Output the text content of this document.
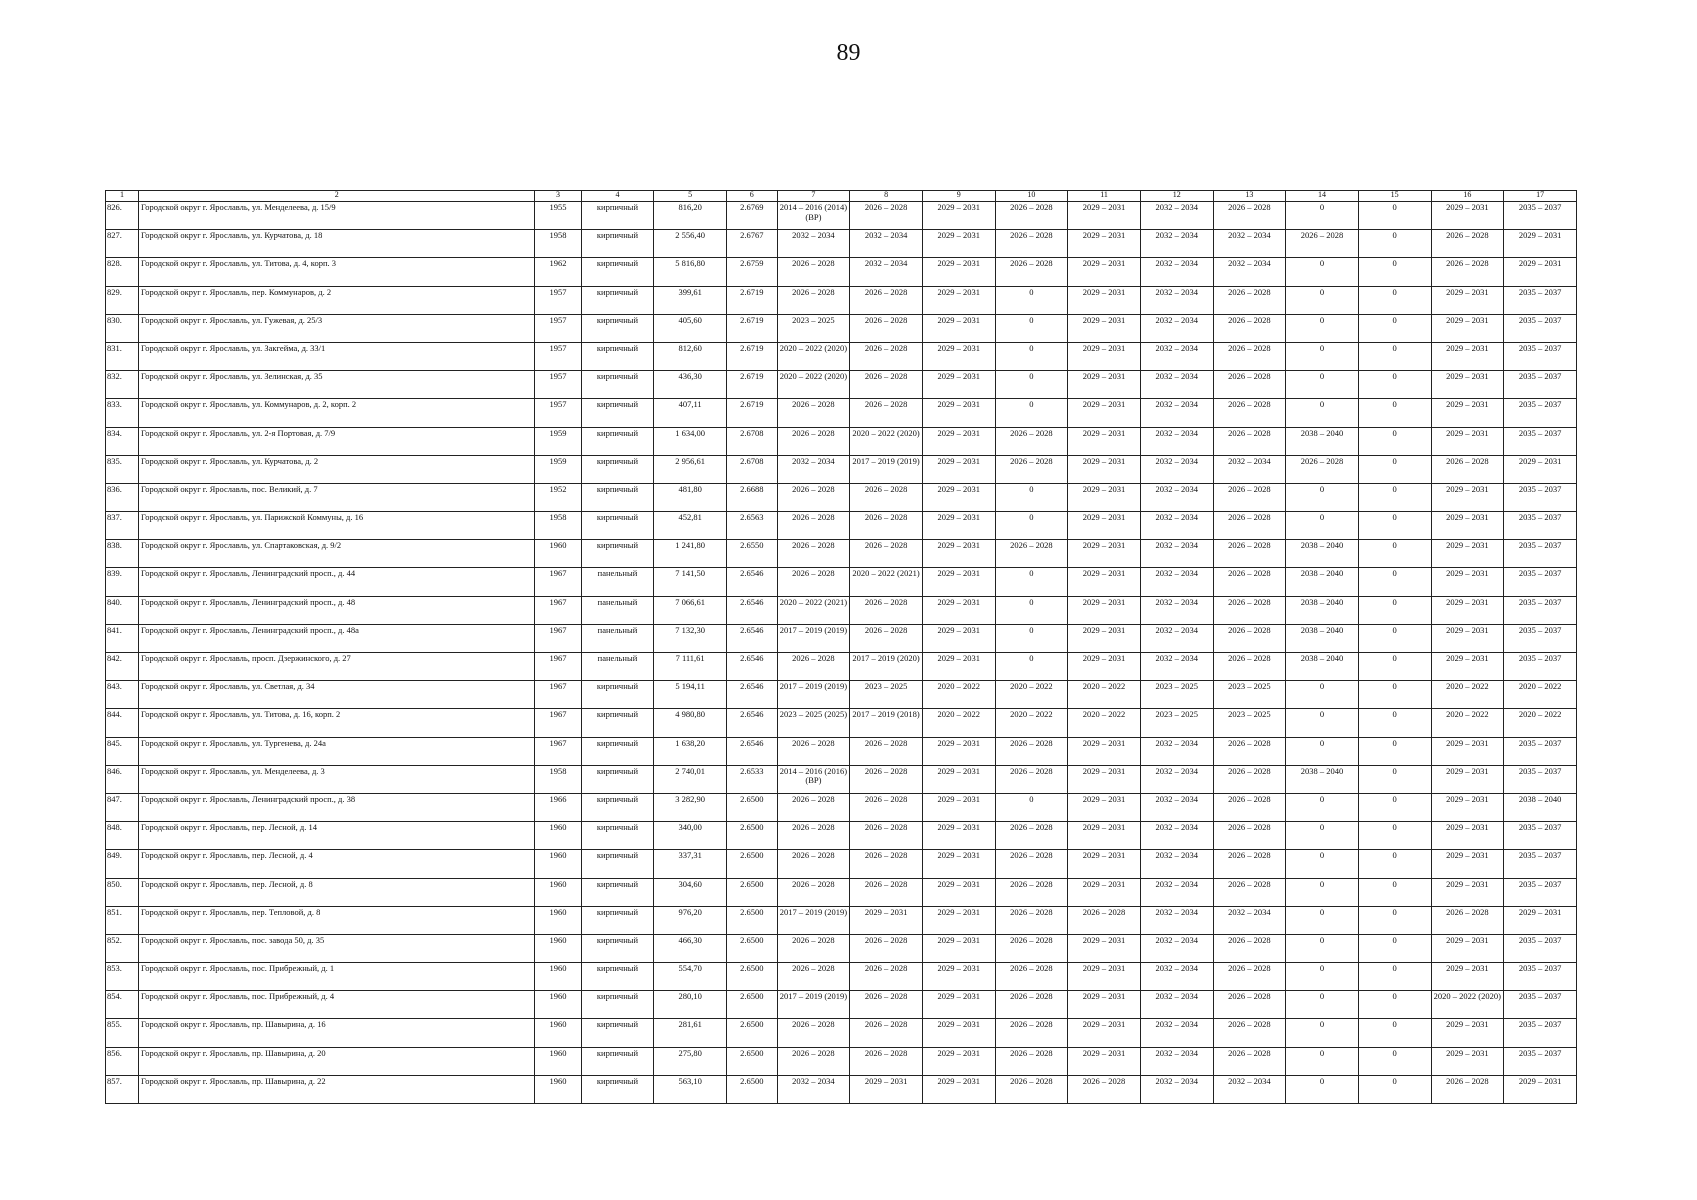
89
1	2	3	4	5	6	7	8	9	10	11	12	13	14	15	16	17
826.	Городской округ г. Ярославль, ул. Менделеева, д. 15/9	1955	кирпичный	816,20	2.6769	2014 – 2016 (2014) (ВР)	2026 – 2028	2029 – 2031	2026 – 2028	2029 – 2031	2032 – 2034	2026 – 2028	0	0	2029 – 2031	2035 – 2037
827.	Городской округ г. Ярославль, ул. Курчатова, д. 18	1958	кирпичный	2 556,40	2.6767	2032 – 2034	2032 – 2034	2029 – 2031	2026 – 2028	2029 – 2031	2032 – 2034	2032 – 2034	2026 – 2028	0	2026 – 2028	2029 – 2031
828.	Городской округ г. Ярославль, ул. Титова, д. 4, корп. 3	1962	кирпичный	5 816,80	2.6759	2026 – 2028	2032 – 2034	2029 – 2031	2026 – 2028	2029 – 2031	2032 – 2034	2032 – 2034	0	0	2026 – 2028	2029 – 2031
829.	Городской округ г. Ярославль, пер. Коммунаров, д. 2	1957	кирпичный	399,61	2.6719	2026 – 2028	2026 – 2028	2029 – 2031	0	2029 – 2031	2032 – 2034	2026 – 2028	0	0	2029 – 2031	2035 – 2037
830.	Городской округ г. Ярославль, ул. Гужевая, д. 25/3	1957	кирпичный	405,60	2.6719	2023 – 2025	2026 – 2028	2029 – 2031	0	2029 – 2031	2032 – 2034	2026 – 2028	0	0	2029 – 2031	2035 – 2037
831.	Городской округ г. Ярославль, ул. Закгейма, д. 33/1	1957	кирпичный	812,60	2.6719	2020 – 2022 (2020)	2026 – 2028	2029 – 2031	0	2029 – 2031	2032 – 2034	2026 – 2028	0	0	2029 – 2031	2035 – 2037
832.	Городской округ г. Ярославль, ул. Зелинская, д. 35	1957	кирпичный	436,30	2.6719	2020 – 2022 (2020)	2026 – 2028	2029 – 2031	0	2029 – 2031	2032 – 2034	2026 – 2028	0	0	2029 – 2031	2035 – 2037
833.	Городской округ г. Ярославль, ул. Коммунаров, д. 2, корп. 2	1957	кирпичный	407,11	2.6719	2026 – 2028	2026 – 2028	2029 – 2031	0	2029 – 2031	2032 – 2034	2026 – 2028	0	0	2029 – 2031	2035 – 2037
834.	Городской округ г. Ярославль, ул. 2-я Портовая, д. 7/9	1959	кирпичный	1 634,00	2.6708	2026 – 2028	2020 – 2022 (2020)	2029 – 2031	2026 – 2028	2029 – 2031	2032 – 2034	2026 – 2028	2038 – 2040	0	2029 – 2031	2035 – 2037
835.	Городской округ г. Ярославль, ул. Курчатова, д. 2	1959	кирпичный	2 956,61	2.6708	2032 – 2034	2017 – 2019 (2019)	2029 – 2031	2026 – 2028	2029 – 2031	2032 – 2034	2032 – 2034	2026 – 2028	0	2026 – 2028	2029 – 2031
836.	Городской округ г. Ярославль, пос. Великий, д. 7	1952	кирпичный	481,80	2.6688	2026 – 2028	2026 – 2028	2029 – 2031	0	2029 – 2031	2032 – 2034	2026 – 2028	0	0	2029 – 2031	2035 – 2037
837.	Городской округ г. Ярославль, ул. Парижской Коммуны, д. 16	1958	кирпичный	452,81	2.6563	2026 – 2028	2026 – 2028	2029 – 2031	0	2029 – 2031	2032 – 2034	2026 – 2028	0	0	2029 – 2031	2035 – 2037
838.	Городской округ г. Ярославль, ул. Спартаковская, д. 9/2	1960	кирпичный	1 241,80	2.6550	2026 – 2028	2026 – 2028	2029 – 2031	2026 – 2028	2029 – 2031	2032 – 2034	2026 – 2028	2038 – 2040	0	2029 – 2031	2035 – 2037
839.	Городской округ г. Ярославль, Ленинградский просп., д. 44	1967	панельный	7 141,50	2.6546	2026 – 2028	2020 – 2022 (2021)	2029 – 2031	0	2029 – 2031	2032 – 2034	2026 – 2028	2038 – 2040	0	2029 – 2031	2035 – 2037
840.	Городской округ г. Ярославль, Ленинградский просп., д. 48	1967	панельный	7 066,61	2.6546	2020 – 2022 (2021)	2026 – 2028	2029 – 2031	0	2029 – 2031	2032 – 2034	2026 – 2028	2038 – 2040	0	2029 – 2031	2035 – 2037
841.	Городской округ г. Ярославль, Ленинградский просп., д. 48а	1967	панельный	7 132,30	2.6546	2017 – 2019 (2019)	2026 – 2028	2029 – 2031	0	2029 – 2031	2032 – 2034	2026 – 2028	2038 – 2040	0	2029 – 2031	2035 – 2037
842.	Городской округ г. Ярославль, просп. Дзержинского, д. 27	1967	панельный	7 111,61	2.6546	2026 – 2028	2017 – 2019 (2020)	2029 – 2031	0	2029 – 2031	2032 – 2034	2026 – 2028	2038 – 2040	0	2029 – 2031	2035 – 2037
843.	Городской округ г. Ярославль, ул. Светлая, д. 34	1967	кирпичный	5 194,11	2.6546	2017 – 2019 (2019)	2023 – 2025	2020 – 2022	2020 – 2022	2020 – 2022	2023 – 2025	2023 – 2025	0	0	2020 – 2022	2020 – 2022
844.	Городской округ г. Ярославль, ул. Титова, д. 16, корп. 2	1967	кирпичный	4 980,80	2.6546	2023 – 2025 (2025)	2017 – 2019 (2018)	2020 – 2022	2020 – 2022	2020 – 2022	2023 – 2025	2023 – 2025	0	0	2020 – 2022	2020 – 2022
845.	Городской округ г. Ярославль, ул. Тургенева, д. 24а	1967	кирпичный	1 638,20	2.6546	2026 – 2028	2026 – 2028	2029 – 2031	2026 – 2028	2029 – 2031	2032 – 2034	2026 – 2028	0	0	2029 – 2031	2035 – 2037
846.	Городской округ г. Ярославль, ул. Менделеева, д. 3	1958	кирпичный	2 740,01	2.6533	2014 – 2016 (2016) (ВР)	2026 – 2028	2029 – 2031	2026 – 2028	2029 – 2031	2032 – 2034	2026 – 2028	2038 – 2040	0	2029 – 2031	2035 – 2037
847.	Городской округ г. Ярославль, Ленинградский просп., д. 38	1966	кирпичный	3 282,90	2.6500	2026 – 2028	2026 – 2028	2029 – 2031	0	2029 – 2031	2032 – 2034	2026 – 2028	0	0	2029 – 2031	2038 – 2040
848.	Городской округ г. Ярославль, пер. Лесной, д. 14	1960	кирпичный	340,00	2.6500	2026 – 2028	2026 – 2028	2029 – 2031	2026 – 2028	2029 – 2031	2032 – 2034	2026 – 2028	0	0	2029 – 2031	2035 – 2037
849.	Городской округ г. Ярославль, пер. Лесной, д. 4	1960	кирпичный	337,31	2.6500	2026 – 2028	2026 – 2028	2029 – 2031	2026 – 2028	2029 – 2031	2032 – 2034	2026 – 2028	0	0	2029 – 2031	2035 – 2037
850.	Городской округ г. Ярославль, пер. Лесной, д. 8	1960	кирпичный	304,60	2.6500	2026 – 2028	2026 – 2028	2029 – 2031	2026 – 2028	2029 – 2031	2032 – 2034	2026 – 2028	0	0	2029 – 2031	2035 – 2037
851.	Городской округ г. Ярославль, пер. Тепловой, д. 8	1960	кирпичный	976,20	2.6500	2017 – 2019 (2019)	2029 – 2031	2029 – 2031	2026 – 2028	2026 – 2028	2032 – 2034	2032 – 2034	0	0	2026 – 2028	2029 – 2031
852.	Городской округ г. Ярославль, пос. завода 50, д. 35	1960	кирпичный	466,30	2.6500	2026 – 2028	2026 – 2028	2029 – 2031	2026 – 2028	2029 – 2031	2032 – 2034	2026 – 2028	0	0	2029 – 2031	2035 – 2037
853.	Городской округ г. Ярославль, пос. Прибрежный, д. 1	1960	кирпичный	554,70	2.6500	2026 – 2028	2026 – 2028	2029 – 2031	2026 – 2028	2029 – 2031	2032 – 2034	2026 – 2028	0	0	2029 – 2031	2035 – 2037
854.	Городской округ г. Ярославль, пос. Прибрежный, д. 4	1960	кирпичный	280,10	2.6500	2017 – 2019 (2019)	2026 – 2028	2029 – 2031	2026 – 2028	2029 – 2031	2032 – 2034	2026 – 2028	0	0	2020 – 2022 (2020)	2035 – 2037
855.	Городской округ г. Ярославль, пр. Шавырина, д. 16	1960	кирпичный	281,61	2.6500	2026 – 2028	2026 – 2028	2029 – 2031	2026 – 2028	2029 – 2031	2032 – 2034	2026 – 2028	0	0	2029 – 2031	2035 – 2037
856.	Городской округ г. Ярославль, пр. Шавырина, д. 20	1960	кирпичный	275,80	2.6500	2026 – 2028	2026 – 2028	2029 – 2031	2026 – 2028	2029 – 2031	2032 – 2034	2026 – 2028	0	0	2029 – 2031	2035 – 2037
857.	Городской округ г. Ярославль, пр. Шавырина, д. 22	1960	кирпичный	563,10	2.6500	2032 – 2034	2029 – 2031	2029 – 2031	2026 – 2028	2026 – 2028	2032 – 2034	2032 – 2034	0	0	2026 – 2028	2029 – 2031
